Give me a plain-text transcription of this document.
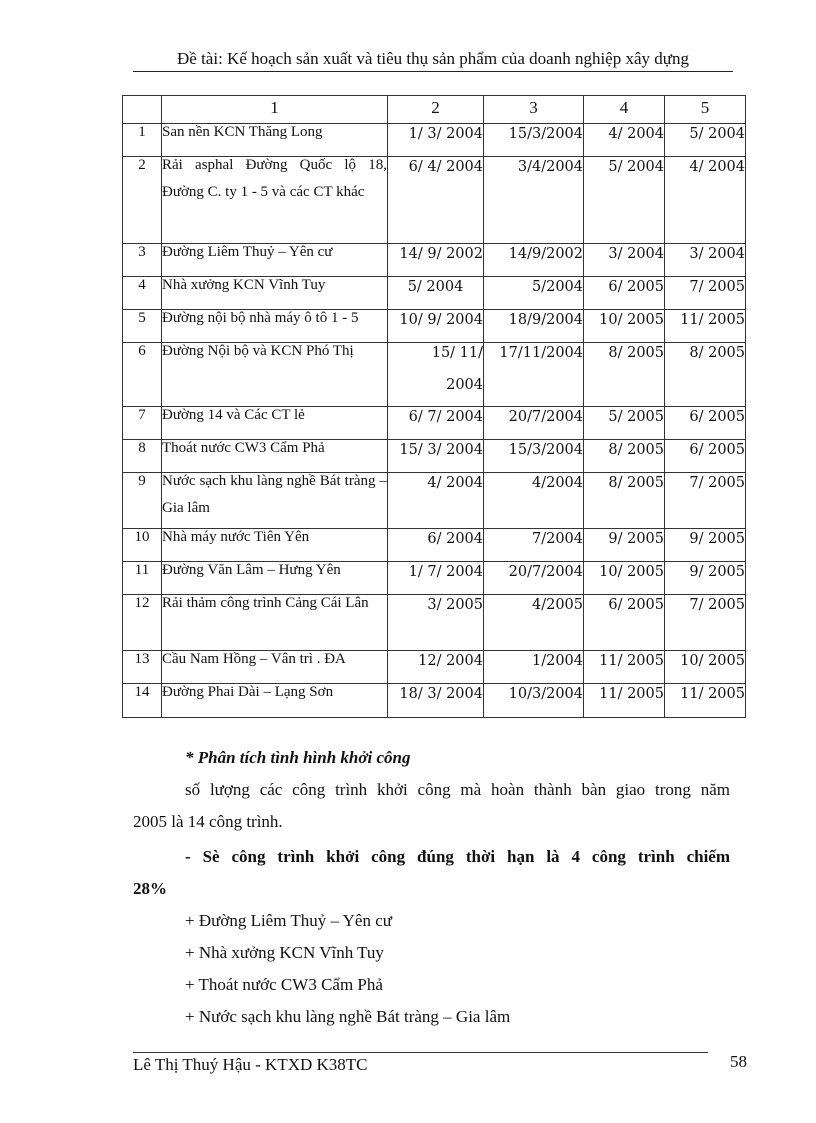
Đề tài: Kế hoạch sản xuất và tiêu thụ sản phẩm của doanh nghiệp xây dựng
	1	2	3	4	5
1	San nền KCN Thăng Long	1/ 3/ 2004	15/3/2004	4/ 2004	5/ 2004
2	Rải asphal Đường Quốc lộ 18, Đường C. ty 1 - 5 và các CT khác	6/ 4/ 2004	3/4/2004	5/ 2004	4/ 2004
3	Đường Liêm Thuỷ – Yên cư	14/ 9/ 2002	14/9/2002	3/ 2004	3/ 2004
4	Nhà xưởng KCN Vĩnh Tuy	5/ 2004	5/2004	6/ 2005	7/ 2005
5	Đường nội bộ nhà máy ô tô 1 - 5	10/ 9/ 2004	18/9/2004	10/ 2005	11/ 2005
6	Đường Nội bộ và KCN Phó Thị	15/ 11/ 2004	17/11/2004	8/ 2005	8/ 2005
7	Đường 14 và Các CT lẻ	6/ 7/ 2004	20/7/2004	5/ 2005	6/ 2005
8	Thoát nước CW3 Cẩm Phả	15/ 3/ 2004	15/3/2004	8/ 2005	6/ 2005
9	Nước sạch khu làng nghề Bát tràng – Gia lâm	4/ 2004	4/2004	8/ 2005	7/ 2005
10	Nhà máy nước Tiên Yên	6/ 2004	7/2004	9/ 2005	9/ 2005
11	Đường Văn Lâm – Hưng Yên	1/ 7/ 2004	20/7/2004	10/ 2005	9/ 2005
12	Rải thảm công trình Cảng Cái Lân	3/ 2005	4/2005	6/ 2005	7/ 2005
13	Cầu Nam Hồng – Vân trì . ĐA	12/ 2004	1/2004	11/ 2005	10/ 2005
14	Đường Phai Dài – Lạng Sơn	18/ 3/ 2004	10/3/2004	11/ 2005	11/ 2005
* Phân tích tình hình khởi công
số lượng các công trình khởi công mà hoàn thành bàn giao trong năm
2005 là 14 công trình.
- Sè công trình khởi công đúng thời hạn là 4 công trình chiếm
28%
+ Đường Liêm Thuỷ – Yên cư
+ Nhà xưởng KCN Vĩnh Tuy
+ Thoát nước CW3 Cẩm Phả
+ Nước sạch khu làng nghề Bát tràng – Gia lâm
Lê Thị Thuý Hậu - KTXD K38TC	58
